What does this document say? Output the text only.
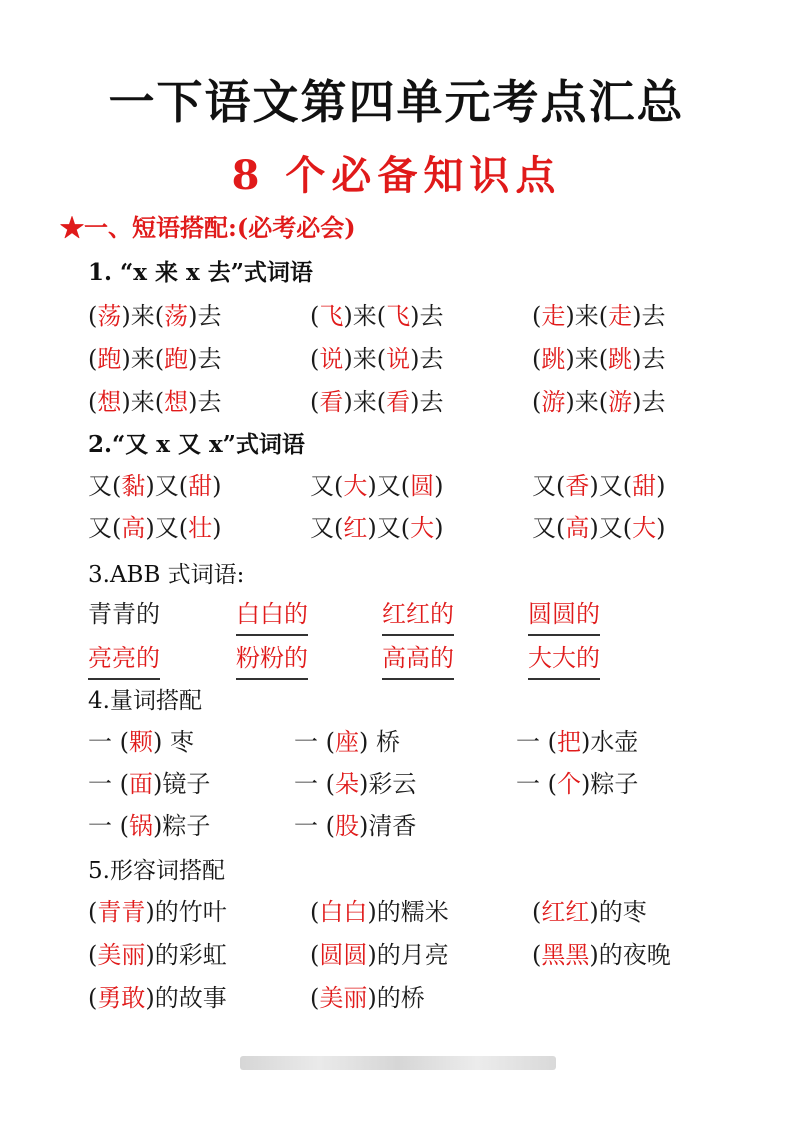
一下语文第四单元考点汇总
8 个必备知识点
★一、短语搭配:(必考必会)
1. “x 来 x 去”式词语
(荡)来(荡)去	(飞)来(飞)去	(走)来(走)去
(跑)来(跑)去	(说)来(说)去	(跳)来(跳)去
(想)来(想)去	(看)来(看)去	(游)来(游)去
2.“又 x 又 x”式词语
又(黏)又(甜)	又(大)又(圆)	又(香)又(甜)
又(高)又(壮)	又(红)又(大)	又(高)又(大)
3.ABB 式词语:
青青的	白白的	红红的	圆圆的
亮亮的	粉粉的	高高的	大大的
4.量词搭配
一 (颗) 枣	一 (座) 桥	一 (把)水壶
一 (面)镜子	一 (朵)彩云	一 (个)粽子
一 (锅)粽子	一 (股)清香
5.形容词搭配
(青青)的竹叶	(白白)的糯米	(红红)的枣
(美丽)的彩虹	(圆圆)的月亮	(黑黑)的夜晚
(勇敢)的故事	(美丽)的桥
